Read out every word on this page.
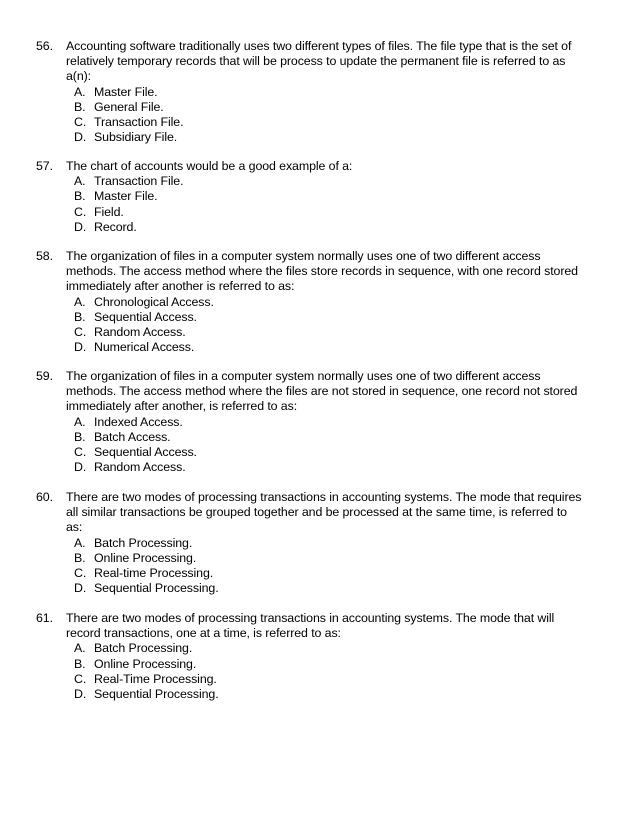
56.	Accounting software traditionally uses two different types of files. The file type that is the set of
relatively temporary records that will be process to update the permanent file is referred to as
a(n):
A. Master File.
B. General File.
C. Transaction File.
D. Subsidiary File.
57.	The chart of accounts would be a good example of a:
A. Transaction File.
B. Master File.
C. Field.
D. Record.
58.	The organization of files in a computer system normally uses one of two different access
methods. The access method where the files store records in sequence, with one record stored
immediately after another is referred to as:
A. Chronological Access.
B. Sequential Access.
C. Random Access.
D. Numerical Access.
59.	The organization of files in a computer system normally uses one of two different access
methods. The access method where the files are not stored in sequence, one record not stored
immediately after another, is referred to as:
A. Indexed Access.
B. Batch Access.
C. Sequential Access.
D. Random Access.
60.	There are two modes of processing transactions in accounting systems. The mode that requires
all similar transactions be grouped together and be processed at the same time, is referred to
as:
A. Batch Processing.
B. Online Processing.
C. Real-time Processing.
D. Sequential Processing.
61.	There are two modes of processing transactions in accounting systems. The mode that will
record transactions, one at a time, is referred to as:
A. Batch Processing.
B. Online Processing.
C. Real-Time Processing.
D. Sequential Processing.
